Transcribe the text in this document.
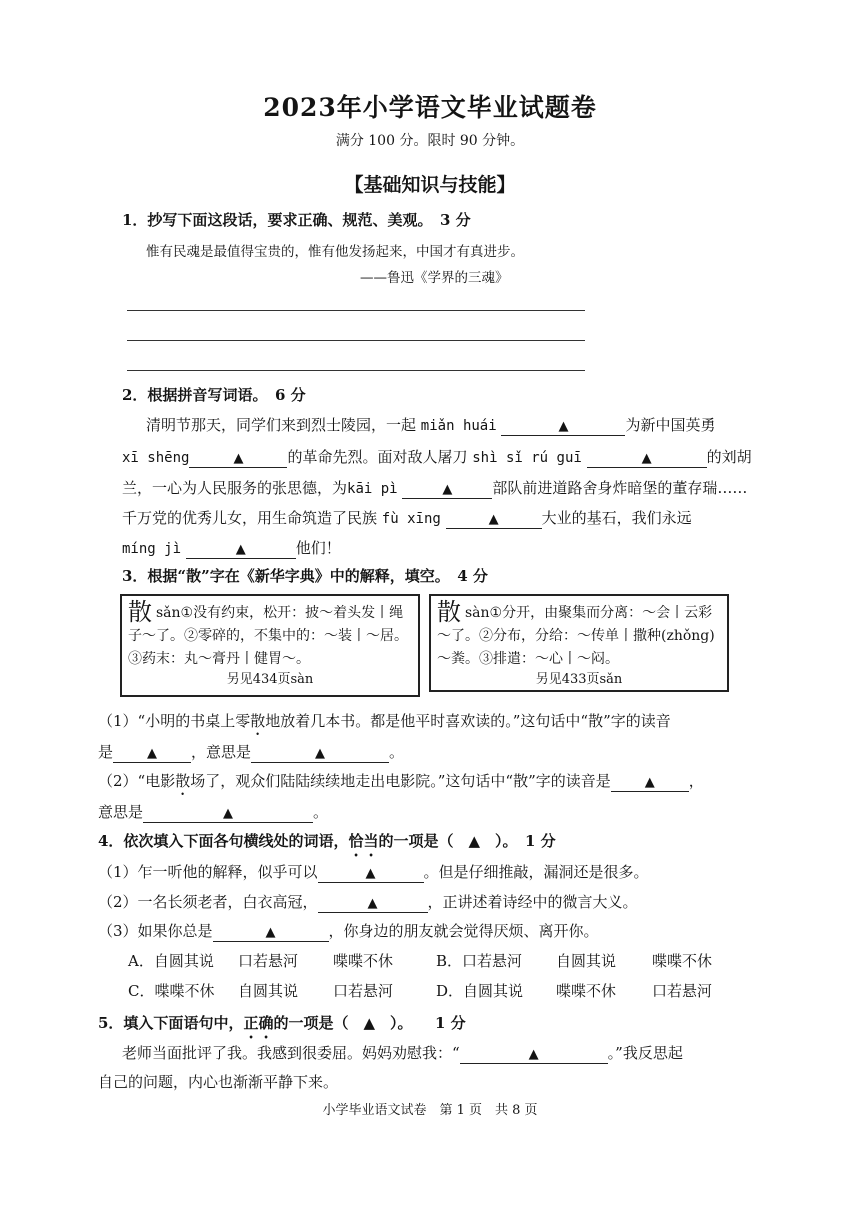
2023年小学语文毕业试题卷
满分 100 分。限时 90 分钟。
【基础知识与技能】
1．抄写下面这段话，要求正确、规范、美观。　3 分
惟有民魂是最值得宝贵的，惟有他发扬起来，中国才有真进步。
——鲁迅《学界的三魂》
2．根据拼音写词语。　6 分
清明节那天，同学们来到烈士陵园，一起 miǎn huái	▲	为新中国英勇
xī shēng	▲	的革命先烈。面对敌人屠刀 shì sǐ rú guī	▲	的刘胡
兰，一心为人民服务的张思德，为kāi pì	▲	部队前进道路舍身炸暗堡的董存瑞……
千万党的优秀儿女，用生命筑造了民族 fù xīng	▲	大业的基石，我们永远
míng jì	▲	他们！
3．根据“散”字在《新华字典》中的解释，填空。　4 分
散sǎn①没有约束，松开：披～着头发丨绳子～了。②零碎的，不集中的：～装丨～居。③药末：丸～膏丹丨健胃～。
另见434页sàn
散sàn①分开，由聚集而分离：～会丨云彩～了。②分布，分给：～传单丨撒种(zhǒng)～粪。③排遣：～心丨～闷。
另见433页sǎn
（1）“小明的书桌上零散地放着几本书。都是他平时喜欢读的。”这句话中“散”字的读音
是	▲ ，意思是	▲	。
（2）“电影散场了，观众们陆陆续续地走出电影院。”这句话中“散”字的读音是	▲ ，
意思是	▲	。
4．依次填入下面各句横线处的词语，恰当的一项是（　▲　）。　1 分
（1）乍一听他的解释，似乎可以	▲	。但是仔细推敲，漏洞还是很多。
（2）一名长须老者，白衣高冠，	▲	，正讲述着诗经中的微言大义。
（3）如果你总是	▲	，你身边的朋友就会觉得厌烦、离开你。
A．自圆其说 口若悬河 喋喋不休	B．口若悬河 自圆其说 喋喋不休
C．喋喋不休 自圆其说 口若悬河	D．自圆其说 喋喋不休 口若悬河
5．填入下面语句中，正确的一项是（　▲　）。　　1 分
老师当面批评了我。我感到很委屈。妈妈劝慰我：“	▲	。”我反思起
自己的问题，内心也渐渐平静下来。
小学毕业语文试卷　第 1 页　共 8 页
